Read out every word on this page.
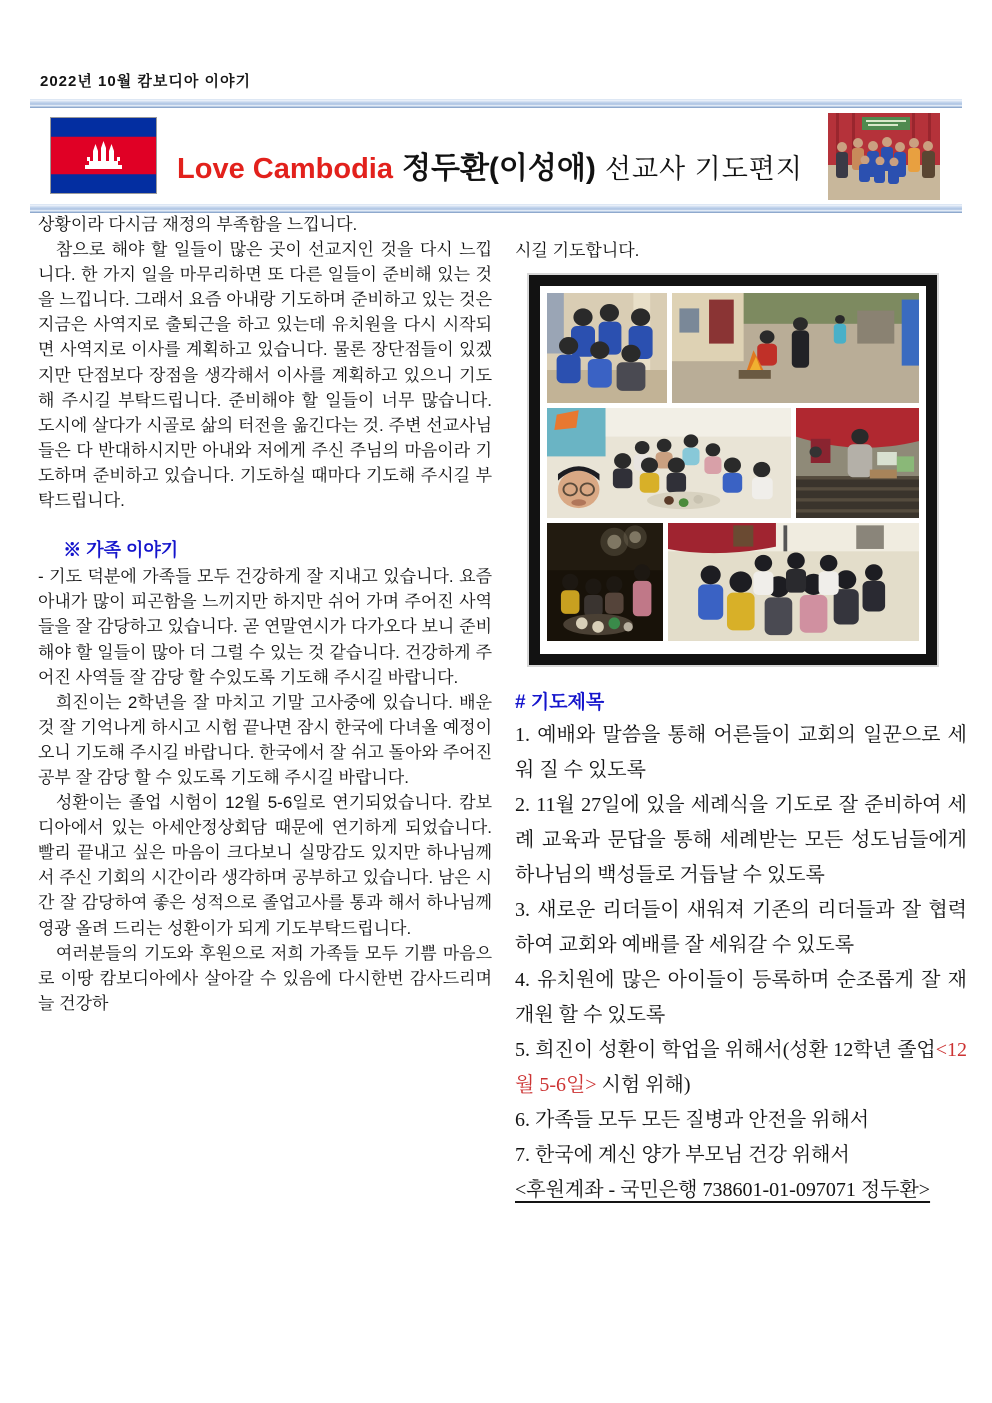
2022년 10월 캄보디아 이야기
Love Cambodia 정두환(이성애) 선교사 기도편지

상황이라 다시금 재정의 부족함을 느낍니다.

참으로 해야 할 일들이 많은 곳이 선교지인 것을 다시 느낍니다. 한 가지 일을 마무리하면 또 다른 일들이 준비해 있는 것을 느낍니다. 그래서 요즘 아내랑 기도하며 준비하고 있는 것은 지금은 사역지로 출퇴근을 하고 있는데 유치원을 다시 시작되면 사역지로 이사를 계획하고 있습니다. 물론 장단점들이 있겠지만 단점보다 장점을 생각해서 이사를 계획하고 있으니 기도해 주시길 부탁드립니다. 준비해야 할 일들이 너무 많습니다. 도시에 살다가 시골로 삶의 터전을 옮긴다는 것. 주변 선교사님들은 다 반대하시지만 아내와 저에게 주신 주님의 마음이라 기도하며 준비하고 있습니다. 기도하실 때마다 기도해 주시길 부탁드립니다.

※ 가족 이야기

- 기도 덕분에 가족들 모두 건강하게 잘 지내고 있습니다. 요즘 아내가 많이 피곤함을 느끼지만 하지만 쉬어 가며 주어진 사역들을 잘 감당하고 있습니다. 곧 연말연시가 다가오다 보니 준비해야 할 일들이 많아 더 그럴 수 있는 것 같습니다. 건강하게 주어진 사역들 잘 감당 할 수있도록 기도해 주시길 바랍니다.

희진이는 2학년을 잘 마치고 기말 고사중에 있습니다. 배운 것 잘 기억나게 하시고 시험 끝나면 잠시 한국에 다녀올 예정이오니 기도해 주시길 바랍니다. 한국에서 잘 쉬고 돌아와 주어진 공부 잘 감당 할 수 있도록 기도해 주시길 바랍니다.

성환이는 졸업 시험이 12월 5-6일로 연기되었습니다. 캄보디아에서 있는 아세안정상회담 때문에 연기하게 되었습니다. 빨리 끝내고 싶은 마음이 크다보니 실망감도 있지만 하나님께서 주신 기회의 시간이라 생각하며 공부하고 있습니다. 남은 시간 잘 감당하여 좋은 성적으로 졸업고사를 통과 해서 하나님께 영광 올려 드리는 성환이가 되게 기도부탁드립니다.

여러분들의 기도와 후원으로 저희 가족들 모두 기쁨 마음으로 이땅 캄보디아에사 살아갈 수 있음에 다시한번 감사드리며 늘 건강하

시길 기도합니다.

# 기도제목

1. 예배와 말씀을 통해 어른들이 교회의 일꾼으로 세워 질 수 있도록

2. 11월 27일에 있을 세례식을 기도로 잘 준비하여 세례 교육과 문답을 통해 세례받는 모든 성도님들에게 하나님의 백성들로 거듭날 수 있도록

3. 새로운 리더들이 새워져 기존의 리더들과 잘 협력하여 교회와 예배를 잘 세워갈 수 있도록

4. 유치원에 많은 아이들이 등록하며 순조롭게 잘 재개원 할 수 있도록

5. 희진이 성환이 학업을 위해서(성환 12학년 졸업<12월 5-6일> 시험 위해)

6. 가족들 모두 모든 질병과 안전을 위해서

7. 한국에 계신 양가 부모님 건강 위해서

<후원계좌 - 국민은행 738601-01-097071 정두환>
